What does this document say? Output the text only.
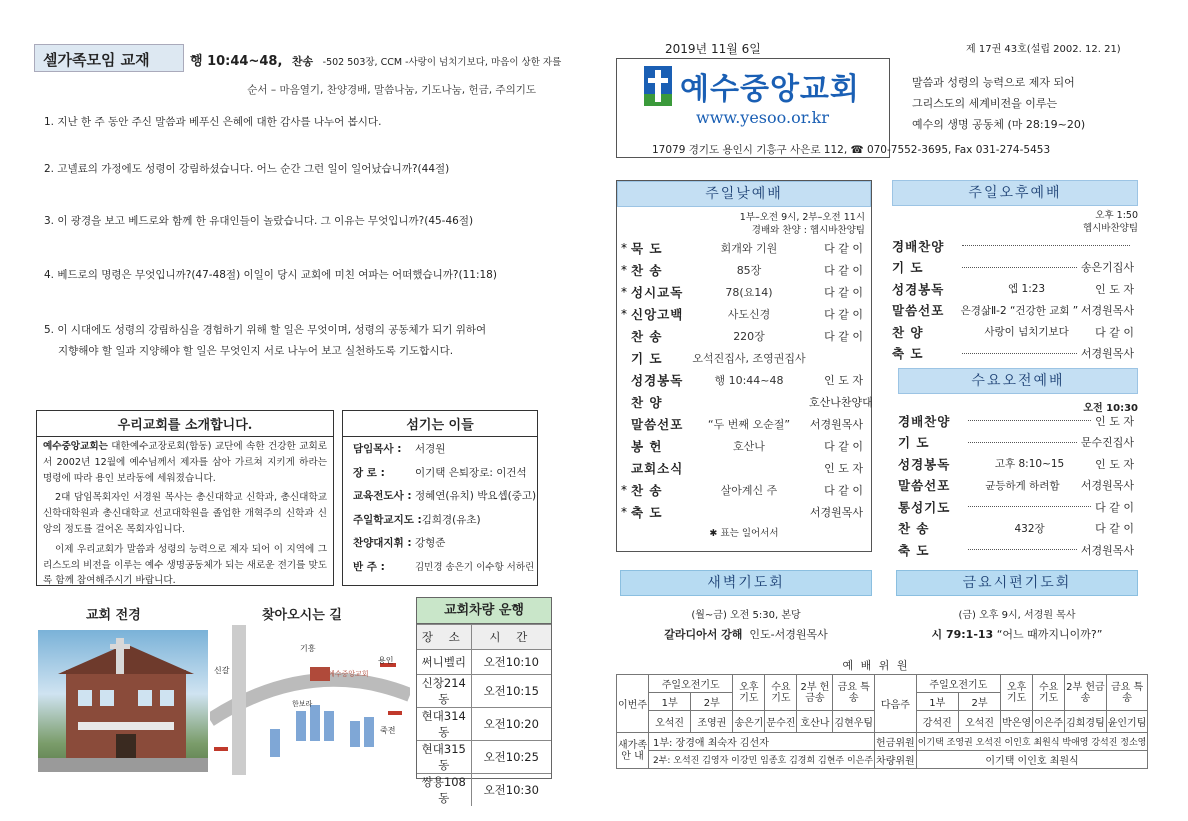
셀가족모임 교재	행 10:44~48, 찬송 -502 503장, CCM -사랑이 넘치기보다, 마음이 상한 자를
순서 – 마음열기, 찬양경배, 말씀나눔, 기도나눔, 헌금, 주의기도
1. 지난 한 주 동안 주신 말씀과 베푸신 은혜에 대한 감사를 나누어 봅시다.
2. 고넬료의 가정에도 성령이 강림하셨습니다. 어느 순간 그런 일이 일어났습니까?(44절)
3. 이 광경을 보고 베드로와 함께 한 유대인들이 놀랐습니다. 그 이유는 무엇입니까?(45-46절)
4. 베드로의 명령은 무엇입니까?(47-48절) 이일이 당시 교회에 미친 여파는 어떠했습니까?(11:18)
5. 이 시대에도 성령의 강림하심을 경험하기 위해 할 일은 무엇이며, 성령의 공동체가 되기 위하여
지향해야 할 일과 지양해야 할 일은 무엇인지 서로 나누어 보고 실천하도록 기도합시다.
우리교회를 소개합니다.

예수중앙교회는 대한예수교장로회(합동) 교단에 속한 건강한 교회로서 2002년 12월에 예수님께서 제자를 삼아 가르쳐 지키게 하라는 명령에 따라 용인 보라동에 세워졌습니다.

2대 담임목회자인 서경원 목사는 총신대학교 신학과, 총신대학교 신학대학원과 총신대학교 선교대학원을 졸업한 개혁주의 신학과 신앙의 정도를 걸어온 목회자입니다.

이제 우리교회가 말씀과 성령의 능력으로 제자 되어 이 지역에 그리스도의 비전을 이루는 예수 생명공동체가 되는 새로운 전기를 맞도록 함께 참여해주시기 바랍니다.

섬기는 이들
담임목사 :	서경원
장 로 :	이기택 은퇴장로: 이건석
교육전도사 : 정혜연(유치) 박요셉(중고)
주일학교지도 : 김희경(유초)
찬양대지휘 : 강형준
반 주 :	김민경 송은기 이수항 서하린
교회 전경	찾아오시는 길
신갈
기흥
용인
죽전
한보라
예수중앙교회
교회차량 운행
장 소	시 간
써니벨리	오전10:10
신창214동	오전10:15
현대314동	오전10:20
현대315동	오전10:25
쌍용108동	오전10:30
2019년 11월 6일	제 17권 43호(설립 2002. 12. 21)
예수중앙교회
www.yesoo.or.kr
말씀과 성령의 능력으로 제자 되어
그리스도의 세계비전을 이루는
예수의 생명 공동체 (마 28:19~20)
17079 경기도 용인시 기흥구 사은로 112, ☎ 070-7552-3695, Fax 031-274-5453
주일낮예배
1부–오전 9시, 2부–오전 11시
경배와 찬양 : 헵시바찬양팀
* 묵 도	회개와 기원	다 같 이
* 찬 송	85장	다 같 이
* 성시교독	78(요14)	다 같 이
* 신앙고백	사도신경	다 같 이
찬 송	220장	다 같 이
기 도	오석진집사, 조영권집사
성경봉독	행 10:44~48	인 도 자
찬 양	호산나찬양대
말씀선포	“두 번째 오순절”	서경원목사
봉 헌	호산나	다 같 이
교회소식	인 도 자
* 찬 송	살아계신 주	다 같 이
* 축 도	서경원목사
✱ 표는 일어서서
주일오후예배
오후 1:50
헵시바찬양팀
경배찬양
기 도	송은기집사
성경봉독	엡 1:23	인 도 자
말씀선포	은경삶Ⅱ-2 “건강한 교회 ” 서경원목사
찬 양	사랑이 넘치기보다	다 같 이
축 도	서경원목사
수요오전예배
오전 10:30
경배찬양	인 도 자
기 도	문수진집사
성경봉독	고후 8:10~15	인 도 자
말씀선포	균등하게 하려함	서경원목사
통성기도	다 같 이
찬 송	432장	다 같 이
축 도	서경원목사
새벽기도회
(월~금) 오전 5:30, 본당
갈라디아서 강해 인도-서경원목사
금요시편기도회
(금) 오후 9시, 서경원 목사
시 79:1-13 “어느 때까지니이까?”
예 배 위 원
이번주	주일오전기도		오후 기도	수요 기도	2부 헌금송	금요 특송	다음주	주일오전기도		오후 기도	수요 기도	2부 헌금송	금요 특송
	1부	2부						1부	2부				
	오석진	조영권	송은기	문수진	호산나	김현우팀		강석진	오석진	박은영	이은주	김희경팀	윤인기팀
새가족 안 내	1부: 장경애 최숙자 김선자						헌금위원	이기택 조영권 오석진 이인호 최원식 박애영 강석진 정소영					
	2부: 오석진 김영자 이강민 임종호 김경희 김현주 이은주						차량위원	이기택 이인호 최원식					
